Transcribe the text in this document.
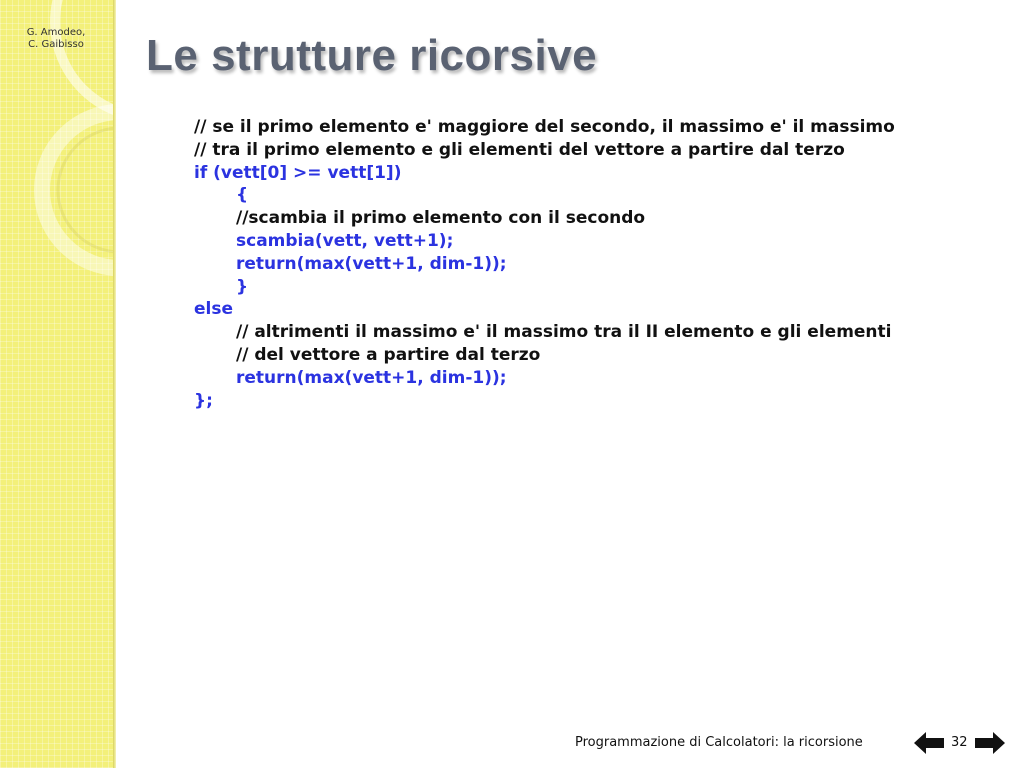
G. Amodeo,
C. Gaibisso	Le strutture ricorsive
// se il primo elemento e' maggiore del secondo, il massimo e' il massimo
// tra il primo elemento e gli elementi del vettore a partire dal terzo
if (vett[0] >= vett[1])
{
//scambia il primo elemento con il secondo
scambia(vett, vett+1);
return(max(vett+1, dim-1));
}
else
// altrimenti il massimo e' il massimo tra il II elemento e gli elementi
// del vettore a partire dal terzo
return(max(vett+1, dim-1));
};
Programmazione di Calcolatori: la ricorsione	32
